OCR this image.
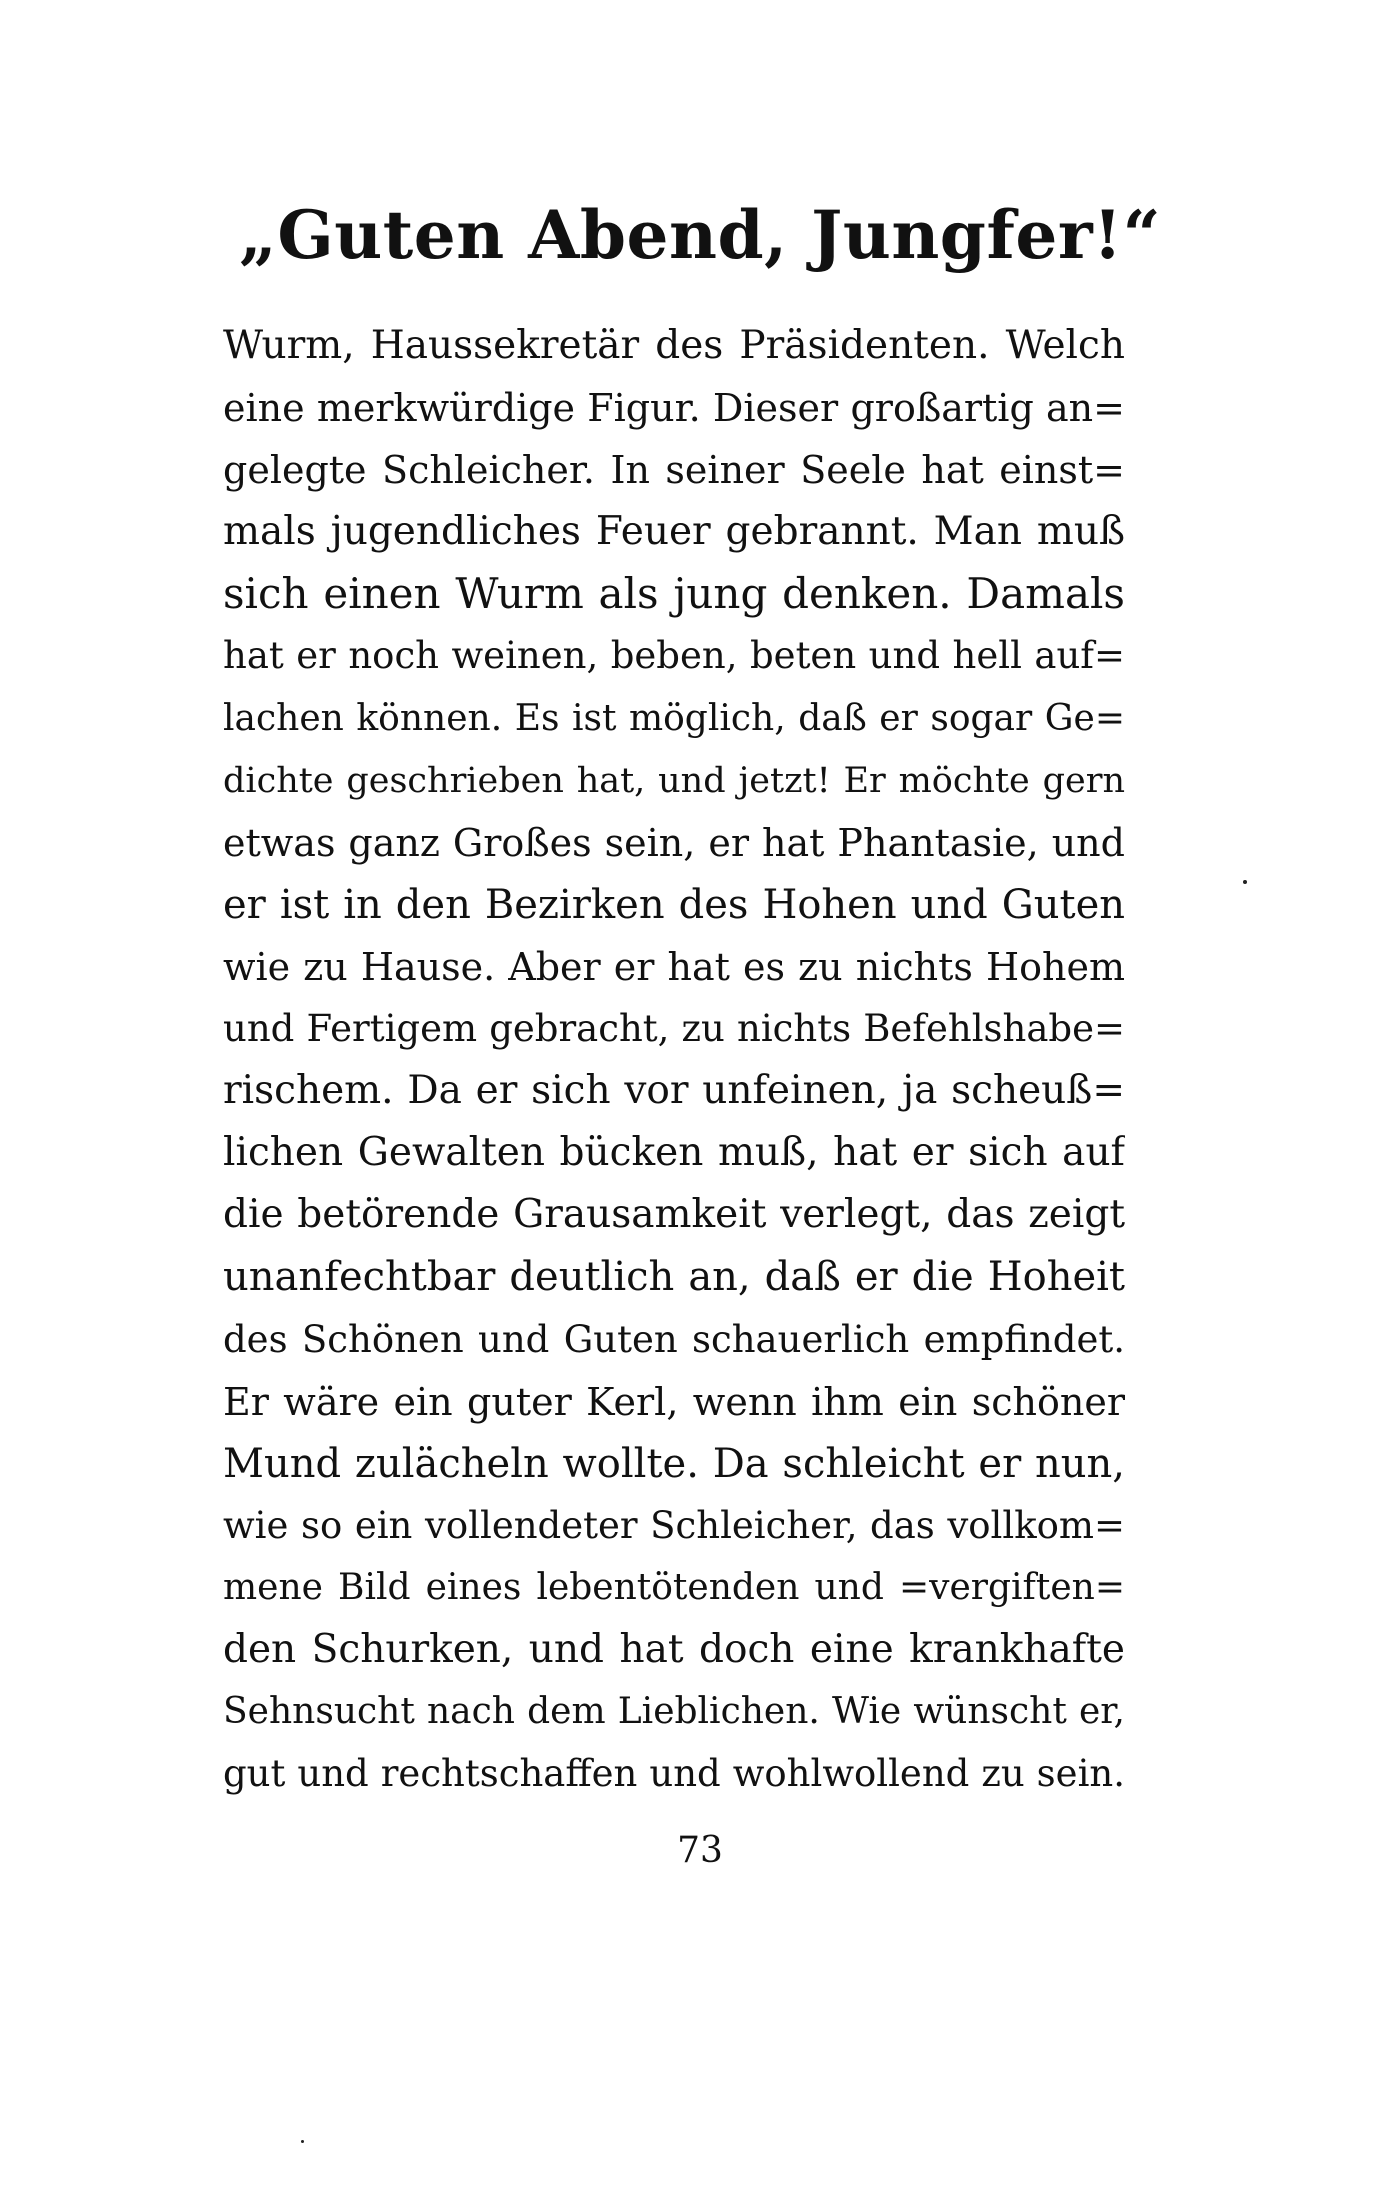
„Guten Abend, Jungfer!“
Wurm, Haussekretär des Präsidenten. Welch
eine merkwürdige Figur. Dieser großartig an=
gelegte Schleicher. In seiner Seele hat einst=
mals jugendliches Feuer gebrannt. Man muß
sich einen Wurm als jung denken. Damals
hat er noch weinen, beben, beten und hell auf=
lachen können. Es ist möglich, daß er sogar Ge=
dichte geschrieben hat, und jetzt! Er möchte gern
etwas ganz Großes sein, er hat Phantasie, und
er ist in den Bezirken des Hohen und Guten
wie zu Hause. Aber er hat es zu nichts Hohem
und Fertigem gebracht, zu nichts Befehlshabe=
rischem. Da er sich vor unfeinen, ja scheuß=
lichen Gewalten bücken muß, hat er sich auf
die betörende Grausamkeit verlegt, das zeigt
unanfechtbar deutlich an, daß er die Hoheit
des Schönen und Guten schauerlich empfindet.
Er wäre ein guter Kerl, wenn ihm ein schöner
Mund zulächeln wollte. Da schleicht er nun,
wie so ein vollendeter Schleicher, das vollkom=
mene Bild eines lebentötenden und =vergiften=
den Schurken, und hat doch eine krankhafte
Sehnsucht nach dem Lieblichen. Wie wünscht er,
gut und rechtschaffen und wohlwollend zu sein.
73
